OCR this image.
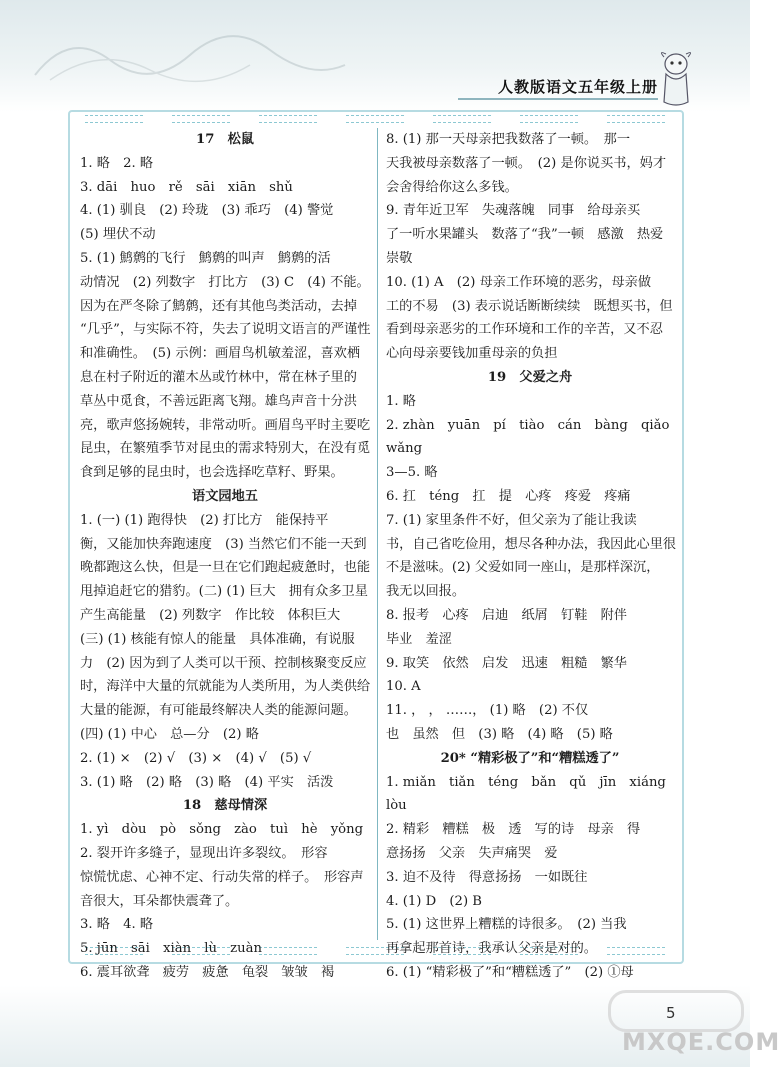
人教版语文五年级上册
17　松鼠
1. 略　2. 略
3. dāi　huo　rě　sāi　xiān　shǔ
4. (1) 驯良　(2) 玲珑　(3) 乖巧　(4) 警觉
(5) 埋伏不动
5. (1) 鹪鹩的飞行　鹪鹩的叫声　鹪鹩的活
动情况　(2) 列数字　打比方　(3) C　(4) 不能。
因为在严冬除了鹪鹩，还有其他鸟类活动，去掉
“几乎”，与实际不符，失去了说明文语言的严谨性
和准确性。　(5) 示例：画眉鸟机敏羞涩，喜欢栖
息在村子附近的灌木丛或竹林中，常在林子里的
草丛中觅食，不善远距离飞翔。雄鸟声音十分洪
亮，歌声悠扬婉转，非常动听。画眉鸟平时主要吃
昆虫，在繁殖季节对昆虫的需求特别大，在没有觅
食到足够的昆虫时，也会选择吃草籽、野果。
语文园地五
1. (一) (1) 跑得快　(2) 打比方　能保持平
衡，又能加快奔跑速度　(3) 当然它们不能一天到
晚都跑这么快，但是一旦在它们跑起疲惫时，也能
甩掉追赶它的猎豹。(二) (1) 巨大　拥有众多卫星
产生高能量　(2) 列数字　作比较　体积巨大
(三) (1) 核能有惊人的能量　具体准确，有说服
力　(2) 因为到了人类可以干预、控制核聚变反应
时，海洋中大量的氘就能为人类所用，为人类供给
大量的能源，有可能最终解决人类的能源问题。
(四) (1) 中心　总—分　(2) 略
2. (1) ×　(2) √　(3) ×　(4) √　(5) √
3. (1) 略　(2) 略　(3) 略　(4) 平实　活泼
18　慈母情深
1. yì　dòu　pò　sǒng　zào　tuì　hè　yǒng
2. 裂开许多缝子，显现出许多裂纹。　形容
惊慌忧虑、心神不定、行动失常的样子。　形容声
音很大，耳朵都快震聋了。
3. 略　4. 略
5. jūn　sāi　xiàn　lù　zuàn
6. 震耳欲聋　疲劳　疲惫　龟裂　皱皱　褐
8. (1) 那一天母亲把我数落了一顿。　那一
天我被母亲数落了一顿。　(2) 是你说买书，妈才
会舍得给你这么多钱。
9. 青年近卫军　失魂落魄　同事　给母亲买
了一听水果罐头　数落了“我”一顿　感激　热爱
崇敬
10. (1) A　(2) 母亲工作环境的恶劣，母亲做
工的不易　(3) 表示说话断断续续　既想买书，但
看到母亲恶劣的工作环境和工作的辛苦，又不忍
心向母亲要钱加重母亲的负担
19　父爱之舟
1. 略
2. zhàn　yuān　pí　tiào　cán　bàng　qiǎo
wǎng
3—5. 略
6. 扛　téng　扛　提　心疼　疼爱　疼痛
7. (1) 家里条件不好，但父亲为了能让我读
书，自己省吃俭用，想尽各种办法，我因此心里很
不是滋味。(2) 父爱如同一座山，是那样深沉，
我无以回报。
8. 报考　心疼　启迪　纸屑　钉鞋　附伴
毕业　羞涩
9. 取笑　依然　启发　迅速　粗糙　繁华
10. A
11. ， ， ……， (1) 略　(2) 不仅
也　虽然　但　(3) 略　(4) 略　(5) 略
20* “精彩极了”和“糟糕透了”
1. miǎn　tiǎn　téng　bǎn　qǔ　jīn　xiáng
lòu
2. 精彩　糟糕　极　透　写的诗　母亲　得
意扬扬　父亲　失声痛哭　爱
3. 迫不及待　得意扬扬　一如既往
4. (1) D　(2) B
5. (1) 这世界上糟糕的诗很多。　(2) 当我
再拿起那首诗，我承认父亲是对的。
6. (1) “精彩极了”和“糟糕透了”　(2) ①母
MXQE.COM
5
